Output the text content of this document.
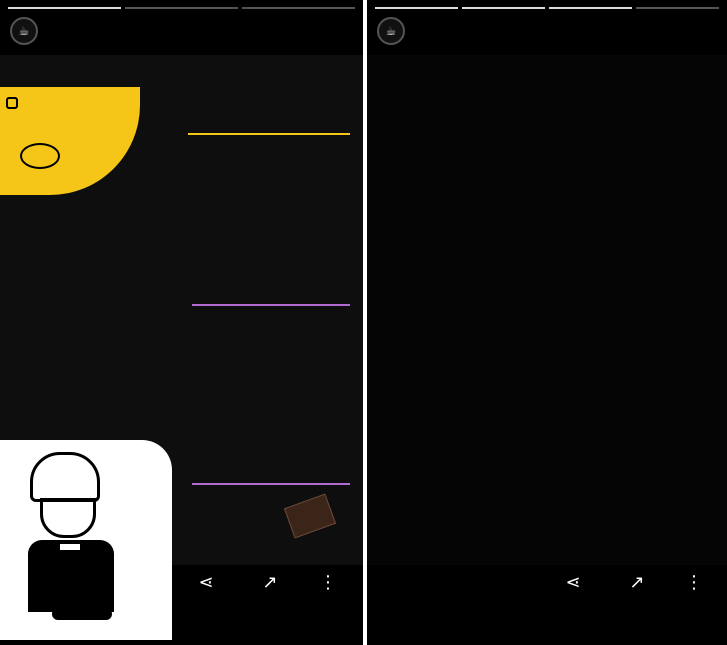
☕
⋖	↗	⋮
☕
⋖	↗	⋮
